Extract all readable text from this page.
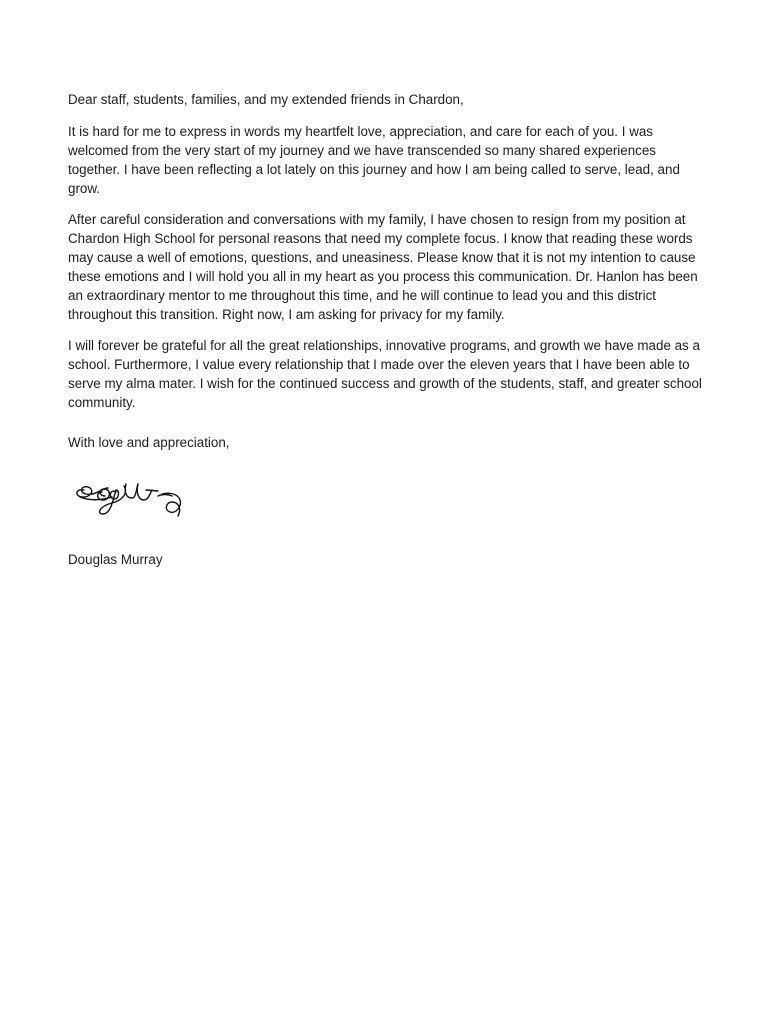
Dear staff, students, families, and my extended friends in Chardon,

It is hard for me to express in words my heartfelt love, appreciation, and care for each of you. I was welcomed from the very start of my journey and we have transcended so many shared experiences together. I have been reflecting a lot lately on this journey and how I am being called to serve, lead, and grow.

After careful consideration and conversations with my family, I have chosen to resign from my position at Chardon High School for personal reasons that need my complete focus. I know that reading these words may cause a well of emotions, questions, and uneasiness. Please know that it is not my intention to cause these emotions and I will hold you all in my heart as you process this communication. Dr. Hanlon has been an extraordinary mentor to me throughout this time, and he will continue to lead you and this district throughout this transition. Right now, I am asking for privacy for my family.

I will forever be grateful for all the great relationships, innovative programs, and growth we have made as a school. Furthermore, I value every relationship that I made over the eleven years that I have been able to serve my alma mater. I wish for the continued success and growth of the students, staff, and greater school community.

With love and appreciation,

Douglas Murray
